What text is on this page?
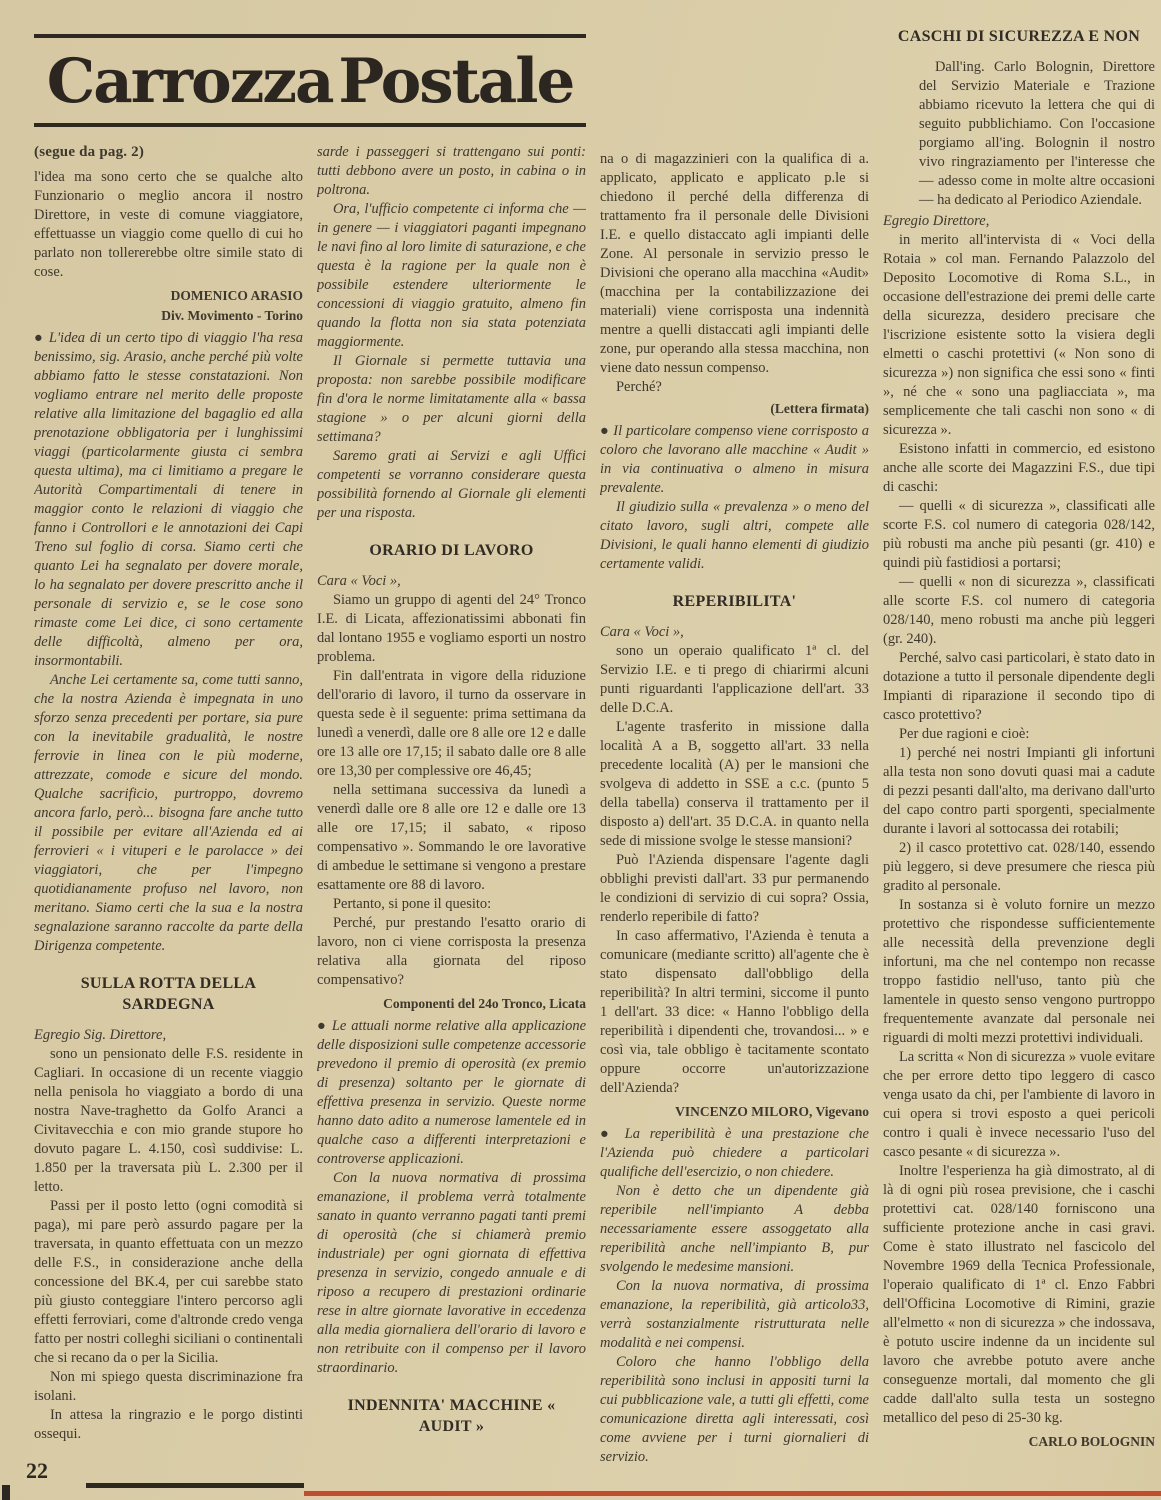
Carrozza Postale

(segue da pag. 2)

l'idea ma sono certo che se qualche alto Funzionario o meglio ancora il nostro Direttore, in veste di comune viaggiatore, effettuasse un viaggio come quello di cui ho parlato non tollererebbe oltre simile stato di cose.

DOMENICO ARASIO

Div. Movimento - Torino

● L'idea di un certo tipo di viaggio l'ha resa benissimo, sig. Arasio, anche perché più volte abbiamo fatto le stesse constatazioni. Non vogliamo entrare nel merito delle proposte relative alla limitazione del bagaglio ed alla prenotazione obbligatoria per i lunghissimi viaggi (particolarmente giusta ci sembra questa ultima), ma ci limitiamo a pregare le Autorità Compartimentali di tenere in maggior conto le relazioni di viaggio che fanno i Controllori e le annotazioni dei Capi Treno sul foglio di corsa. Siamo certi che quanto Lei ha segnalato per dovere morale, lo ha segnalato per dovere prescritto anche il personale di servizio e, se le cose sono rimaste come Lei dice, ci sono certamente delle difficoltà, almeno per ora, insormontabili.

Anche Lei certamente sa, come tutti sanno, che la nostra Azienda è impegnata in uno sforzo senza precedenti per portare, sia pure con la inevitabile gradualità, le nostre ferrovie in linea con le più moderne, attrezzate, comode e sicure del mondo. Qualche sacrificio, purtroppo, dovremo ancora farlo, però... bisogna fare anche tutto il possibile per evitare all'Azienda ed ai ferrovieri « i vituperi e le parolacce » dei viaggiatori, che per l'impegno quotidianamente profuso nel lavoro, non meritano. Siamo certi che la sua e la nostra segnalazione saranno raccolte da parte della Dirigenza competente.

SULLA ROTTA DELLA SARDEGNA

Egregio Sig. Direttore,

sono un pensionato delle F.S. residente in Cagliari. In occasione di un recente viaggio nella penisola ho viaggiato a bordo di una nostra Nave-traghetto da Golfo Aranci a Civitavecchia e con mio grande stupore ho dovuto pagare L. 4.150, così suddivise: L. 1.850 per la traversata più L. 2.300 per il letto.

Passi per il posto letto (ogni comodità si paga), mi pare però assurdo pagare per la traversata, in quanto effettuata con un mezzo delle F.S., in considerazione anche della concessione del BK.4, per cui sarebbe stato più giusto conteggiare l'intero percorso agli effetti ferroviari, come d'altronde credo venga fatto per nostri colleghi siciliani o continentali che si recano da o per la Sicilia.

Non mi spiego questa discriminazione fra isolani.

In attesa la ringrazio e le porgo distinti ossequi.

sarde i passeggeri si trattengano sui ponti: tutti debbono avere un posto, in cabina o in poltrona.

Ora, l'ufficio competente ci informa che — in genere — i viaggiatori paganti impegnano le navi fino al loro limite di saturazione, e che questa è la ragione per la quale non è possibile estendere ulteriormente le concessioni di viaggio gratuito, almeno fin quando la flotta non sia stata potenziata maggiormente.

Il Giornale si permette tuttavia una proposta: non sarebbe possibile modificare fin d'ora le norme limitatamente alla « bassa stagione » o per alcuni giorni della settimana?

Saremo grati ai Servizi e agli Uffici competenti se vorranno considerare questa possibilità fornendo al Giornale gli elementi per una risposta.

ORARIO DI LAVORO

Cara « Voci »,

Siamo un gruppo di agenti del 24° Tronco I.E. di Licata, affezionatissimi abbonati fin dal lontano 1955 e vogliamo esporti un nostro problema.

Fin dall'entrata in vigore della riduzione dell'orario di lavoro, il turno da osservare in questa sede è il seguente: prima settimana da lunedì a venerdì, dalle ore 8 alle ore 12 e dalle ore 13 alle ore 17,15; il sabato dalle ore 8 alle ore 13,30 per complessive ore 46,45;

nella settimana successiva da lunedì a venerdì dalle ore 8 alle ore 12 e dalle ore 13 alle ore 17,15; il sabato, « riposo compensativo ». Sommando le ore lavorative di ambedue le settimane si vengono a prestare esattamente ore 88 di lavoro.

Pertanto, si pone il quesito:

Perché, pur prestando l'esatto orario di lavoro, non ci viene corrisposta la presenza relativa alla giornata del riposo compensativo?

Componenti del 24o Tronco, Licata

● Le attuali norme relative alla applicazione delle disposizioni sulle competenze accessorie prevedono il premio di operosità (ex premio di presenza) soltanto per le giornate di effettiva presenza in servizio. Queste norme hanno dato adito a numerose lamentele ed in qualche caso a differenti interpretazioni e controverse applicazioni.

Con la nuova normativa di prossima emanazione, il problema verrà totalmente sanato in quanto verranno pagati tanti premi di operosità (che si chiamerà premio industriale) per ogni giornata di effettiva presenza in servizio, congedo annuale e di riposo a recupero di prestazioni ordinarie rese in altre giornate lavorative in eccedenza alla media giornaliera dell'orario di lavoro e non retribuite con il compenso per il lavoro straordinario.

INDENNITA' MACCHINE « AUDIT »

na o di magazzinieri con la qualifica di a. applicato, applicato e applicato p.le si chiedono il perché della differenza di trattamento fra il personale delle Divisioni I.E. e quello distaccato agli impianti delle Zone. Al personale in servizio presso le Divisioni che operano alla macchina «Audit» (macchina per la contabilizzazione dei materiali) viene corrisposta una indennità mentre a quelli distaccati agli impianti delle zone, pur operando alla stessa macchina, non viene dato nessun compenso.

Perché?

(Lettera firmata)

● Il particolare compenso viene corrisposto a coloro che lavorano alle macchine « Audit » in via continuativa o almeno in misura prevalente.

Il giudizio sulla « prevalenza » o meno del citato lavoro, sugli altri, compete alle Divisioni, le quali hanno elementi di giudizio certamente validi.

REPERIBILITA'

Cara « Voci »,

sono un operaio qualificato 1ª cl. del Servizio I.E. e ti prego di chiarirmi alcuni punti riguardanti l'applicazione dell'art. 33 delle D.C.A.

L'agente trasferito in missione dalla località A a B, soggetto all'art. 33 nella precedente località (A) per le mansioni che svolgeva di addetto in SSE a c.c. (punto 5 della tabella) conserva il trattamento per il disposto a) dell'art. 35 D.C.A. in quanto nella sede di missione svolge le stesse mansioni?

Può l'Azienda dispensare l'agente dagli obblighi previsti dall'art. 33 pur permanendo le condizioni di servizio di cui sopra? Ossia, renderlo reperibile di fatto?

In caso affermativo, l'Azienda è tenuta a comunicare (mediante scritto) all'agente che è stato dispensato dall'obbligo della reperibilità? In altri termini, siccome il punto 1 dell'art. 33 dice: « Hanno l'obbligo della reperibilità i dipendenti che, trovandosi... » e così via, tale obbligo è tacitamente scontato oppure occorre un'autorizzazione dell'Azienda?

VINCENZO MILORO, Vigevano

● La reperibilità è una prestazione che l'Azienda può chiedere a particolari qualifiche dell'esercizio, o non chiedere.

Non è detto che un dipendente già reperibile nell'impianto A debba necessariamente essere assoggetato alla reperibilità anche nell'impianto B, pur svolgendo le medesime mansioni.

Con la nuova normativa, di prossima emanazione, la reperibilità, già articolo33, verrà sostanzialmente ristrutturata nelle modalità e nei compensi.

Coloro che hanno l'obbligo della reperibilità sono inclusi in appositi turni la cui pubblicazione vale, a tutti gli effetti, come comunicazione diretta agli interessati, così come avviene per i turni giornalieri di servizio.

CASCHI DI SICUREZZA E NON

Dall'ing. Carlo Bolognin, Direttore del Servizio Materiale e Trazione abbiamo ricevuto la lettera che qui di seguito pubblichiamo. Con l'occasione porgiamo all'ing. Bolognin il nostro vivo ringraziamento per l'interesse che — adesso come in molte altre occasioni — ha dedicato al Periodico Aziendale.

Egregio Direttore,

in merito all'intervista di « Voci della Rotaia » col man. Fernando Palazzolo del Deposito Locomotive di Roma S.L., in occasione dell'estrazione dei premi delle carte della sicurezza, desidero precisare che l'iscrizione esistente sotto la visiera degli elmetti o caschi protettivi (« Non sono di sicurezza ») non significa che essi sono « finti », né che « sono una pagliacciata », ma semplicemente che tali caschi non sono « di sicurezza ».

Esistono infatti in commercio, ed esistono anche alle scorte dei Magazzini F.S., due tipi di caschi:

— quelli « di sicurezza », classificati alle scorte F.S. col numero di categoria 028/142, più robusti ma anche più pesanti (gr. 410) e quindi più fastidiosi a portarsi;

— quelli « non di sicurezza », classificati alle scorte F.S. col numero di categoria 028/140, meno robusti ma anche più leggeri (gr. 240).

Perché, salvo casi particolari, è stato dato in dotazione a tutto il personale dipendente degli Impianti di riparazione il secondo tipo di casco protettivo?

Per due ragioni e cioè:

1) perché nei nostri Impianti gli infortuni alla testa non sono dovuti quasi mai a cadute di pezzi pesanti dall'alto, ma derivano dall'urto del capo contro parti sporgenti, specialmente durante i lavori al sottocassa dei rotabili;

2) il casco protettivo cat. 028/140, essendo più leggero, si deve presumere che riesca più gradito al personale.

In sostanza si è voluto fornire un mezzo protettivo che rispondesse sufficientemente alle necessità della prevenzione degli infortuni, ma che nel contempo non recasse troppo fastidio nell'uso, tanto più che lamentele in questo senso vengono purtroppo frequentemente avanzate dal personale nei riguardi di molti mezzi protettivi individuali.

La scritta « Non di sicurezza » vuole evitare che per errore detto tipo leggero di casco venga usato da chi, per l'ambiente di lavoro in cui opera si trovi esposto a quei pericoli contro i quali è invece necessario l'uso del casco pesante « di sicurezza ».

Inoltre l'esperienza ha già dimostrato, al di là di ogni più rosea previsione, che i caschi protettivi cat. 028/140 forniscono una sufficiente protezione anche in casi gravi. Come è stato illustrato nel fascicolo del Novembre 1969 della Tecnica Professionale, l'operaio qualificato di 1ª cl. Enzo Fabbri dell'Officina Locomotive di Rimini, grazie all'elmetto « non di sicurezza » che indossava, è potuto uscire indenne da un incidente sul lavoro che avrebbe potuto avere anche conseguenze mortali, dal momento che gli cadde dall'alto sulla testa un sostegno metallico del peso di 25-30 kg.

CARLO BOLOGNIN

22
